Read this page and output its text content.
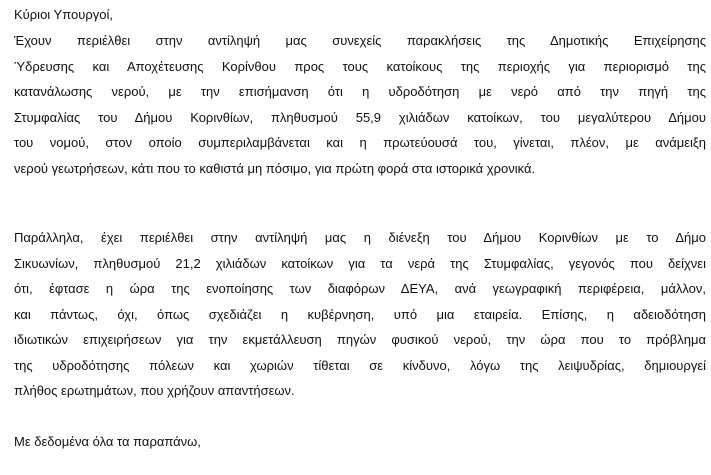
Κύριοι Υπουργοί,
Έχουν περιέλθει στην αντίληψή μας συνεχείς παρακλήσεις της Δημοτικής Επιχείρησης
Ύδρευσης και Αποχέτευσης Κορίνθου προς τους κατοίκους της περιοχής για περιορισμό της
κατανάλωσης νερού, με την επισήμανση ότι η υδροδότηση με νερό από την πηγή της
Στυμφαλίας του Δήμου Κορινθίων, πληθυσμού 55,9 χιλιάδων κατοίκων, του μεγαλύτερου Δήμου
του νομού, στον οποίο συμπεριλαμβάνεται και η πρωτεύουσά του, γίνεται, πλέον, με ανάμειξη
νερού γεωτρήσεων, κάτι που το καθιστά μη πόσιμο, για πρώτη φορά στα ιστορικά χρονικά.
Παράλληλα, έχει περιέλθει στην αντίληψή μας η διένεξη του Δήμου Κορινθίων με το Δήμο
Σικυωνίων, πληθυσμού 21,2 χιλιάδων κατοίκων για τα νερά της Στυμφαλίας, γεγονός που δείχνει
ότι, έφτασε η ώρα της ενοποίησης των διαφόρων ΔΕΥΑ, ανά γεωγραφική περιφέρεια, μάλλον,
και πάντως, όχι, όπως σχεδιάζει η κυβέρνηση, υπό μια εταιρεία. Επίσης, η αδειοδότηση
ιδιωτικών επιχειρήσεων για την εκμετάλλευση πηγών φυσικού νερού, την ώρα που το πρόβλημα
της υδροδότησης πόλεων και χωριών τίθεται σε κίνδυνο, λόγω της λειψυδρίας, δημιουργεί
πλήθος ερωτημάτων, που χρήζουν απαντήσεων.
Με δεδομένα όλα τα παραπάνω,
